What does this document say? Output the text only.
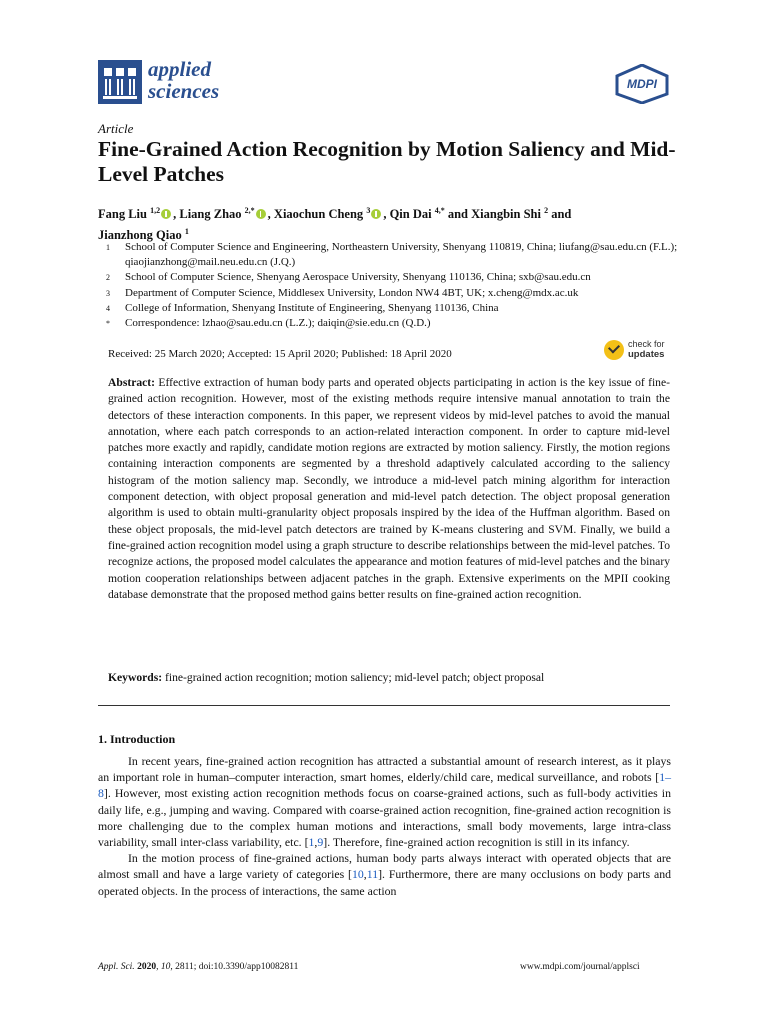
applied
sciences	MDPI
Article
Fine-Grained Action Recognition by Motion Saliency and Mid-Level Patches
Fang Liu $^{1,2}$ , Liang Zhao $^{2,*}$ , Xiaochun Cheng $^3$ , Qin Dai $^{4,*}$ and Xiangbin Shi $^2$ and
Jianzhong Qiao $^1$
1	School of Computer Science and Engineering, Northeastern University, Shenyang 110819, China; liufang@sau.edu.cn (F.L.); qiaojianzhong@mail.neu.edu.cn (J.Q.)
2	School of Computer Science, Shenyang Aerospace University, Shenyang 110136, China; sxb@sau.edu.cn
3	Department of Computer Science, Middlesex University, London NW4 4BT, UK; x.cheng@mdx.ac.uk
4	College of Information, Shenyang Institute of Engineering, Shenyang 110136, China
*	Correspondence: lzhao@sau.edu.cn (L.Z.); daiqin@sie.edu.cn (Q.D.)
Received: 25 March 2020; Accepted: 15 April 2020; Published: 18 April 2020
check for
updates
Abstract: Effective extraction of human body parts and operated objects participating in action is the key issue of fine-grained action recognition. However, most of the existing methods require intensive manual annotation to train the detectors of these interaction components. In this paper, we represent videos by mid-level patches to avoid the manual annotation, where each patch corresponds to an action-related interaction component. In order to capture mid-level patches more exactly and rapidly, candidate motion regions are extracted by motion saliency. Firstly, the motion regions containing interaction components are segmented by a threshold adaptively calculated according to the saliency histogram of the motion saliency map. Secondly, we introduce a mid-level patch mining algorithm for interaction component detection, with object proposal generation and mid-level patch detection. The object proposal generation algorithm is used to obtain multi-granularity object proposals inspired by the idea of the Huffman algorithm. Based on these object proposals, the mid-level patch detectors are trained by K-means clustering and SVM. Finally, we build a fine-grained action recognition model using a graph structure to describe relationships between the mid-level patches. To recognize actions, the proposed model calculates the appearance and motion features of mid-level patches and the binary motion cooperation relationships between adjacent patches in the graph. Extensive experiments on the MPII cooking database demonstrate that the proposed method gains better results on fine-grained action recognition.
Keywords: fine-grained action recognition; motion saliency; mid-level patch; object proposal
1. Introduction

In recent years, fine-grained action recognition has attracted a substantial amount of research interest, as it plays an important role in human–computer interaction, smart homes, elderly/child care, medical surveillance, and robots [1–8]. However, most existing action recognition methods focus on coarse-grained actions, such as full-body activities in daily life, e.g., jumping and waving. Compared with coarse-grained action recognition, fine-grained action recognition is more challenging due to the complex human motions and interactions, small body movements, large intra-class variability, small inter-class variability, etc. [1,9]. Therefore, fine-grained action recognition is still in its infancy.

In the motion process of fine-grained actions, human body parts always interact with operated objects that are almost small and have a large variety of categories [10,11]. Furthermore, there are many occlusions on body parts and operated objects. In the process of interactions, the same action

Appl. Sci. 2020, 10, 2811; doi:10.3390/app10082811	www.mdpi.com/journal/applsci
